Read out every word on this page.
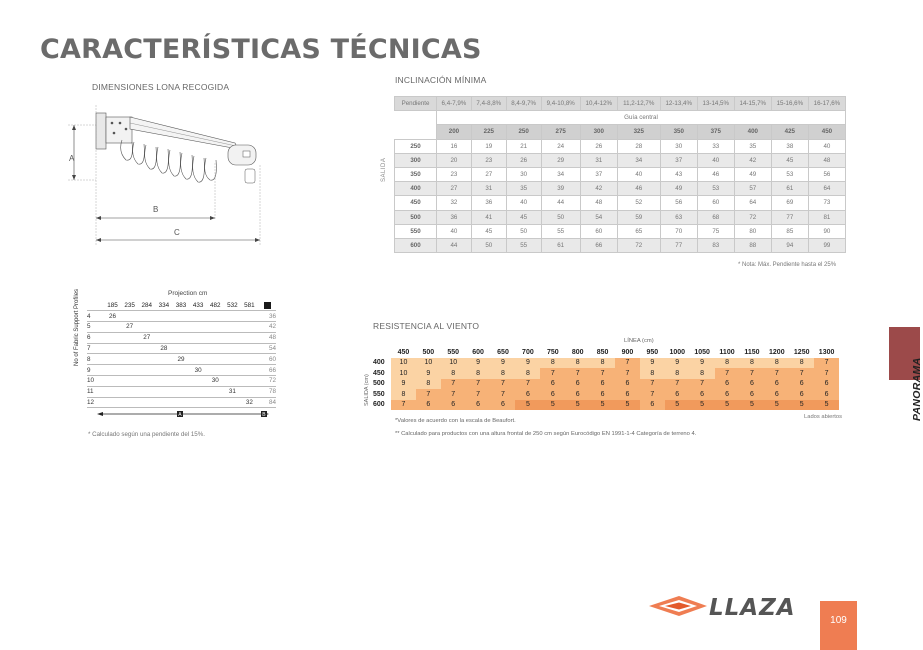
CARACTERÍSTICAS TÉCNICAS
DIMENSIONES LONA RECOGIDA
A
B
C
INCLINACIÓN MÍNIMA
Pendiente	6,4-7,9%	7,4-8,8%	8,4-9,7%	9,4-10,8%	10,4-12%	11,2-12,7%	12-13,4%	13-14,5%	14-15,7%	15-16,6%	16-17,6%
	Guía central										
	200	225	250	275	300	325	350	375	400	425	450
250	16	19	21	24	26	28	30	33	35	38	40
300	20	23	26	29	31	34	37	40	42	45	48
350	23	27	30	34	37	40	43	46	49	53	56
400	27	31	35	39	42	46	49	53	57	61	64
450	32	36	40	44	48	52	56	60	64	69	73
500	36	41	45	50	54	59	63	68	72	77	81
550	40	45	50	55	60	65	70	75	80	85	90
600	44	50	55	61	66	72	77	83	88	94	99
SALIDA
* Nota: Máx. Pendiente hasta el 25%
Projection cm
	185	235	284	334	383	433	482	532	581	
4	26									36
5		27								42
6			27							48
7				28						54
8					29					60
9						30				66
10							30			72
11								31		78
12									32	84
No of Fabric Support Profiles
A	B
* Calculado según una pendiente del 15%.
RESISTENCIA AL VIENTO
LÍNEA (cm)
	450	500	550	600	650	700	750	800	850	900	950	1000	1050	1100	1150	1200	1250	1300
400	10	10	10	9	9	9	8	8	8	7	9	9	9	8	8	8	8	7
450	10	9	8	8	8	8	7	7	7	7	8	8	8	7	7	7	7	7
500	9	8	7	7	7	7	6	6	6	6	7	7	7	6	6	6	6	6
550	8	7	7	7	7	6	6	6	6	6	7	6	6	6	6	6	6	6
600	7	6	6	6	6	5	5	5	5	5	6	5	5	5	5	5	5	5
SALIDA (cm)
Lados abiertos
*Valores de acuerdo con la escala de Beaufort.
** Calculado para productos con una altura frontal de 250 cm según Eurocódigo EN 1991-1-4 Categoría de terreno 4.
PANORAMA
LLAZA	109
